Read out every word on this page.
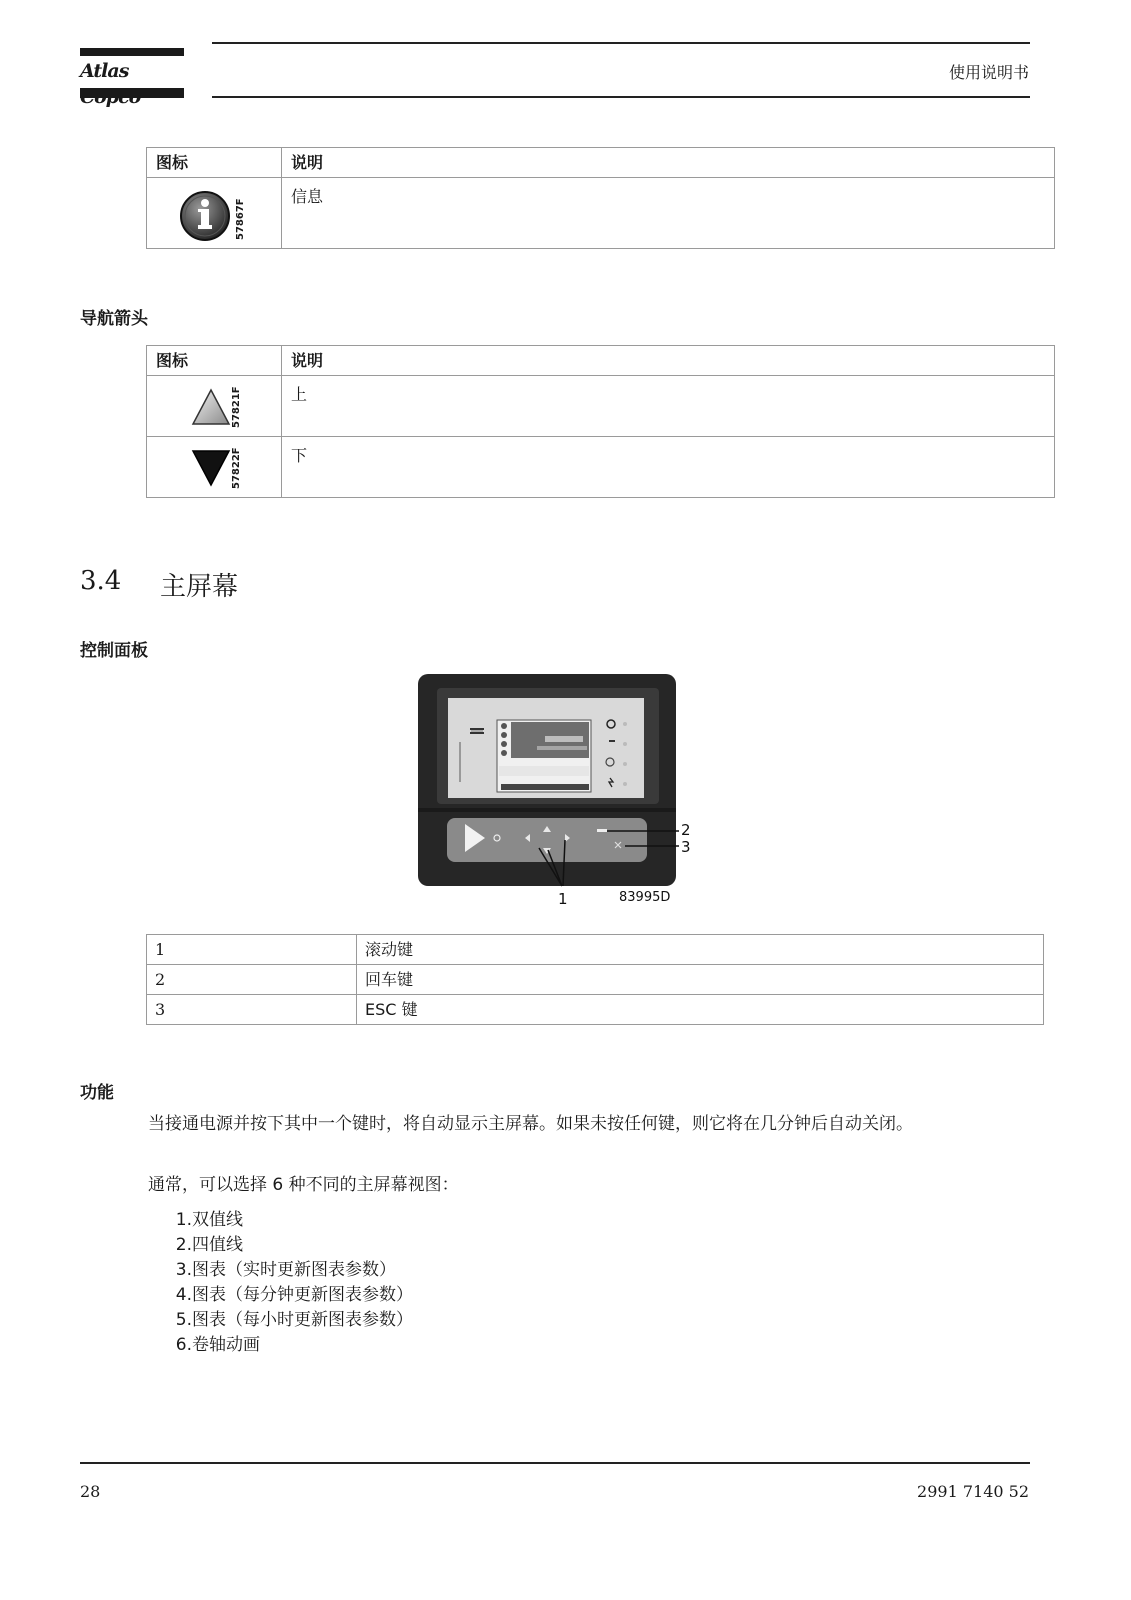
Atlas	使用说明书
图标	说明

57867F	信息
导航箭头
图标	说明

57821F	上

57822F	下
3.4 主屏幕
控制面板
2
3
1	83995D
1	滚动键
2	回车键
3	ESC 键
功能
当接通电源并按下其中一个键时，将自动显示主屏幕。如果未按任何键，则它将在几分钟后自动关闭。
通常，可以选择 6 种不同的主屏幕视图：
1.双值线
2.四值线
3.图表（实时更新图表参数）
4.图表（每分钟更新图表参数）
5.图表（每小时更新图表参数）
6.卷轴动画
28	2991 7140 52
